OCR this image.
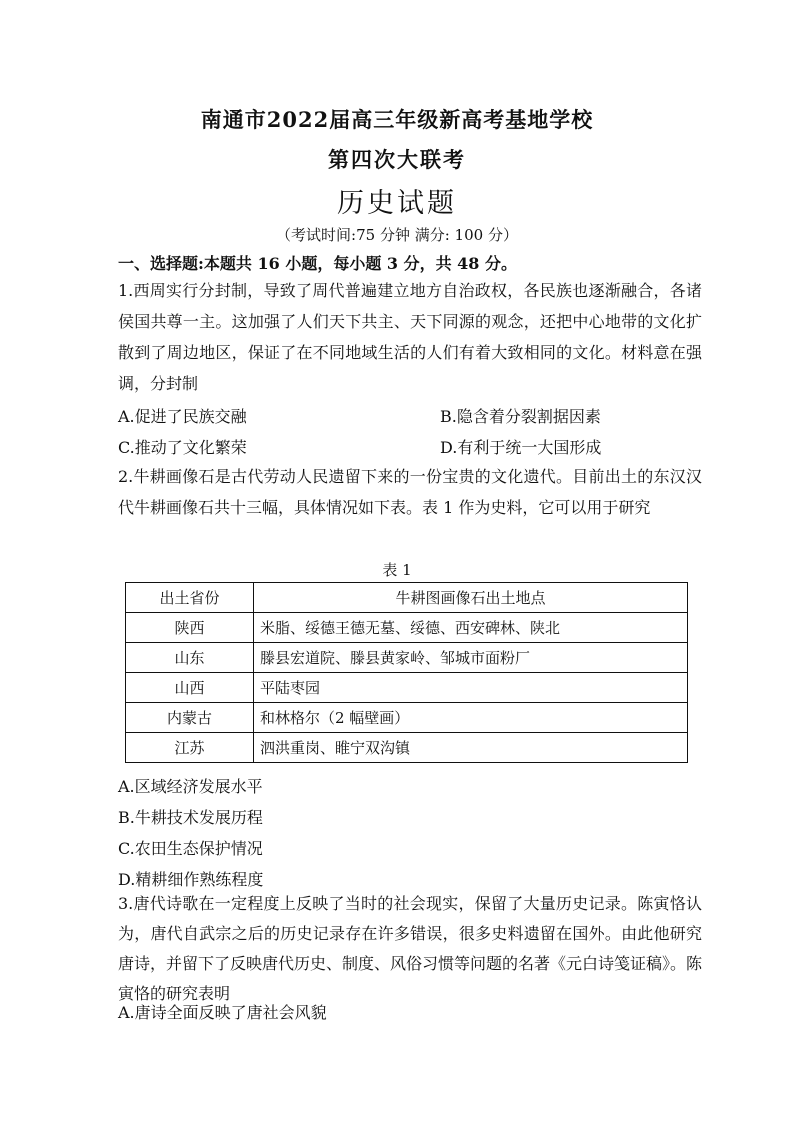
南通市2022届高三年级新高考基地学校
第四次大联考
历史试题
（考试时间:75 分钟 满分: 100 分）
一、选择题:本题共 16 小题，每小题 3 分，共 48 分。
1.西周实行分封制，导致了周代普遍建立地方自治政权，各民族也逐渐融合，各诸侯国共尊一主。这加强了人们天下共主、天下同源的观念，还把中心地带的文化扩散到了周边地区，保证了在不同地域生活的人们有着大致相同的文化。材料意在强调，分封制
A.促进了民族交融	B.隐含着分裂割据因素
C.推动了文化繁荣	D.有利于统一大国形成
2.牛耕画像石是古代劳动人民遗留下来的一份宝贵的文化遗代。目前出土的东汉汉代牛耕画像石共十三幅，具体情况如下表。表 1 作为史料，它可以用于研究
表 1
出土省份	牛耕图画像石出土地点
陕西	米脂、绥德王德无墓、绥德、西安碑林、陕北
山东	滕县宏道院、滕县黄家岭、邹城市面粉厂
山西	平陆枣园
内蒙古	和林格尔（2 幅壁画）
江苏	泗洪重岗、睢宁双沟镇
A.区域经济发展水平
B.牛耕技术发展历程
C.农田生态保护情况
D.精耕细作熟练程度
3.唐代诗歌在一定程度上反映了当时的社会现实，保留了大量历史记录。陈寅恪认为，唐代自武宗之后的历史记录存在许多错误，很多史料遗留在国外。由此他研究唐诗，并留下了反映唐代历史、制度、风俗习惯等问题的名著《元白诗笺证稿》。陈寅恪的研究表明
A.唐诗全面反映了唐社会风貌
